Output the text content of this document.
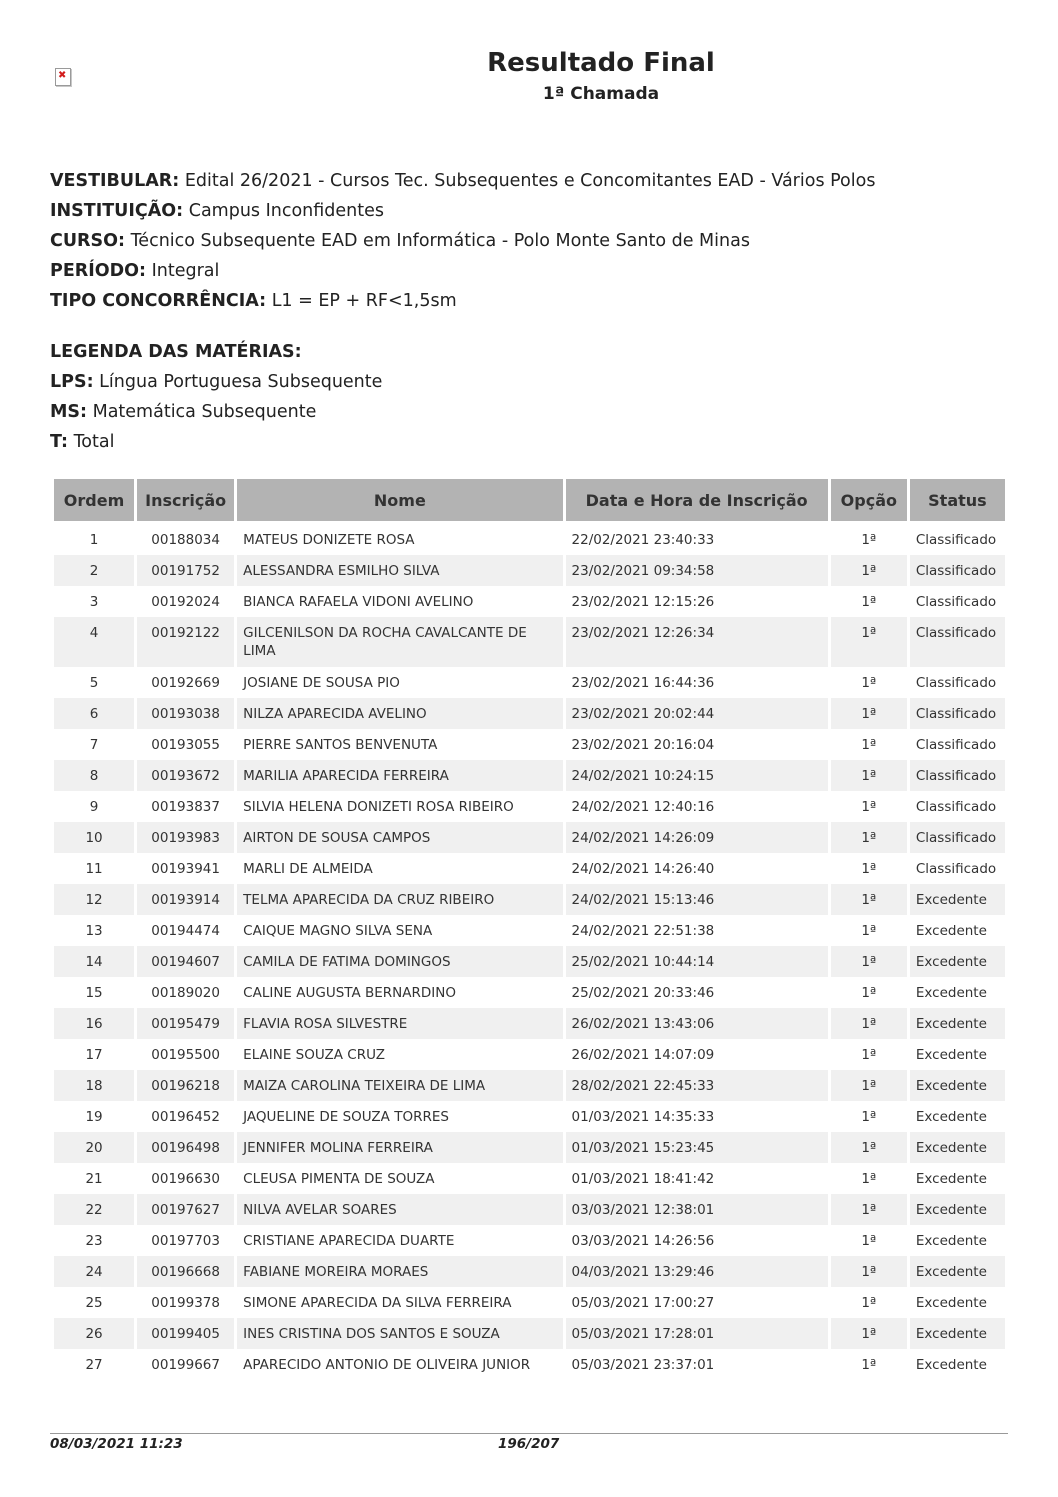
✖
Resultado Final
1ª Chamada
VESTIBULAR: Edital 26/2021 - Cursos Tec. Subsequentes e Concomitantes EAD - Vários Polos
INSTITUIÇÃO: Campus Inconfidentes
CURSO: Técnico Subsequente EAD em Informática - Polo Monte Santo de Minas
PERÍODO: Integral
TIPO CONCORRÊNCIA: L1 = EP + RF<1,5sm
LEGENDA DAS MATÉRIAS:
LPS: Língua Portuguesa Subsequente
MS: Matemática Subsequente
T: Total
Ordem	Inscrição	Nome	Data e Hora de Inscrição	Opção	Status
1	00188034	MATEUS DONIZETE ROSA	22/02/2021 23:40:33	1ª	Classificado
2	00191752	ALESSANDRA ESMILHO SILVA	23/02/2021 09:34:58	1ª	Classificado
3	00192024	BIANCA RAFAELA VIDONI AVELINO	23/02/2021 12:15:26	1ª	Classificado
4	00192122	GILCENILSON DA ROCHA CAVALCANTE DE LIMA	23/02/2021 12:26:34	1ª	Classificado
5	00192669	JOSIANE DE SOUSA PIO	23/02/2021 16:44:36	1ª	Classificado
6	00193038	NILZA APARECIDA AVELINO	23/02/2021 20:02:44	1ª	Classificado
7	00193055	PIERRE SANTOS BENVENUTA	23/02/2021 20:16:04	1ª	Classificado
8	00193672	MARILIA APARECIDA FERREIRA	24/02/2021 10:24:15	1ª	Classificado
9	00193837	SILVIA HELENA DONIZETI ROSA RIBEIRO	24/02/2021 12:40:16	1ª	Classificado
10	00193983	AIRTON DE SOUSA CAMPOS	24/02/2021 14:26:09	1ª	Classificado
11	00193941	MARLI DE ALMEIDA	24/02/2021 14:26:40	1ª	Classificado
12	00193914	TELMA APARECIDA DA CRUZ RIBEIRO	24/02/2021 15:13:46	1ª	Excedente
13	00194474	CAIQUE MAGNO SILVA SENA	24/02/2021 22:51:38	1ª	Excedente
14	00194607	CAMILA DE FATIMA DOMINGOS	25/02/2021 10:44:14	1ª	Excedente
15	00189020	CALINE AUGUSTA BERNARDINO	25/02/2021 20:33:46	1ª	Excedente
16	00195479	FLAVIA ROSA SILVESTRE	26/02/2021 13:43:06	1ª	Excedente
17	00195500	ELAINE SOUZA CRUZ	26/02/2021 14:07:09	1ª	Excedente
18	00196218	MAIZA CAROLINA TEIXEIRA DE LIMA	28/02/2021 22:45:33	1ª	Excedente
19	00196452	JAQUELINE DE SOUZA TORRES	01/03/2021 14:35:33	1ª	Excedente
20	00196498	JENNIFER MOLINA FERREIRA	01/03/2021 15:23:45	1ª	Excedente
21	00196630	CLEUSA PIMENTA DE SOUZA	01/03/2021 18:41:42	1ª	Excedente
22	00197627	NILVA AVELAR SOARES	03/03/2021 12:38:01	1ª	Excedente
23	00197703	CRISTIANE APARECIDA DUARTE	03/03/2021 14:26:56	1ª	Excedente
24	00196668	FABIANE MOREIRA MORAES	04/03/2021 13:29:46	1ª	Excedente
25	00199378	SIMONE APARECIDA DA SILVA FERREIRA	05/03/2021 17:00:27	1ª	Excedente
26	00199405	INES CRISTINA DOS SANTOS E SOUZA	05/03/2021 17:28:01	1ª	Excedente
27	00199667	APARECIDO ANTONIO DE OLIVEIRA JUNIOR	05/03/2021 23:37:01	1ª	Excedente
08/03/2021 11:23	196/207
